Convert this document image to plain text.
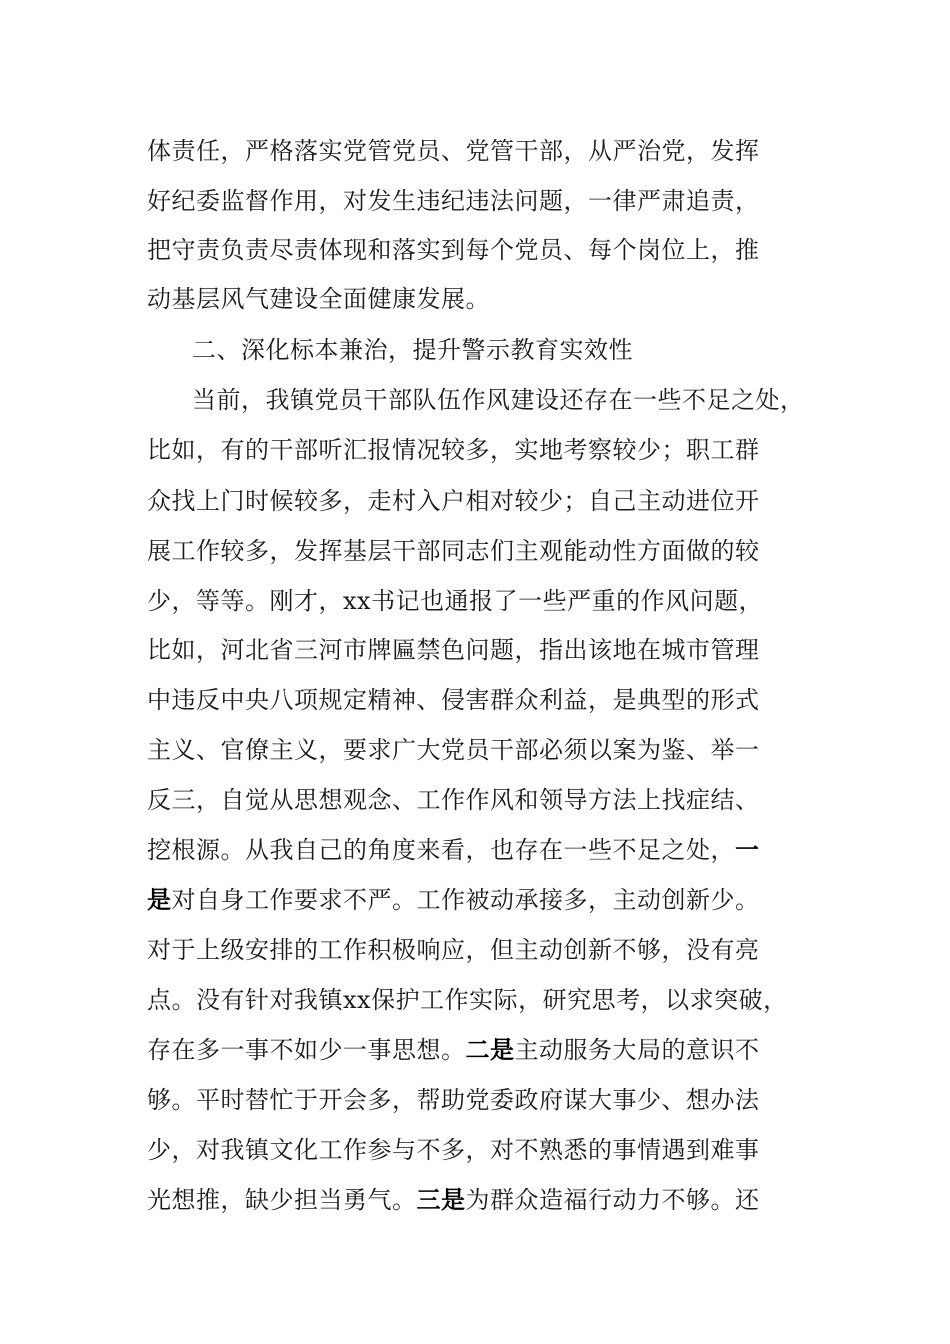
体责任，严格落实党管党员、党管干部，从严治党，发挥
好纪委监督作用，对发生违纪违法问题，一律严肃追责，
把守责负责尽责体现和落实到每个党员、每个岗位上，推
动基层风气建设全面健康发展。
二、深化标本兼治，提升警示教育实效性
当前，我镇党员干部队伍作风建设还存在一些不足之处，
比如，有的干部听汇报情况较多，实地考察较少；职工群
众找上门时候较多，走村入户相对较少；自己主动进位开
展工作较多，发挥基层干部同志们主观能动性方面做的较
少，等等。刚才，xx书记也通报了一些严重的作风问题，
比如，河北省三河市牌匾禁色问题，指出该地在城市管理
中违反中央八项规定精神、侵害群众利益，是典型的形式
主义、官僚主义，要求广大党员干部必须以案为鉴、举一
反三，自觉从思想观念、工作作风和领导方法上找症结、
挖根源。从我自己的角度来看，也存在一些不足之处，一
是对自身工作要求不严。工作被动承接多，主动创新少。
对于上级安排的工作积极响应，但主动创新不够，没有亮
点。没有针对我镇xx保护工作实际，研究思考，以求突破，
存在多一事不如少一事思想。二是主动服务大局的意识不
够。平时替忙于开会多，帮助党委政府谋大事少、想办法
少，对我镇文化工作参与不多，对不熟悉的事情遇到难事
光想推，缺少担当勇气。三是为群众造福行动力不够。还
